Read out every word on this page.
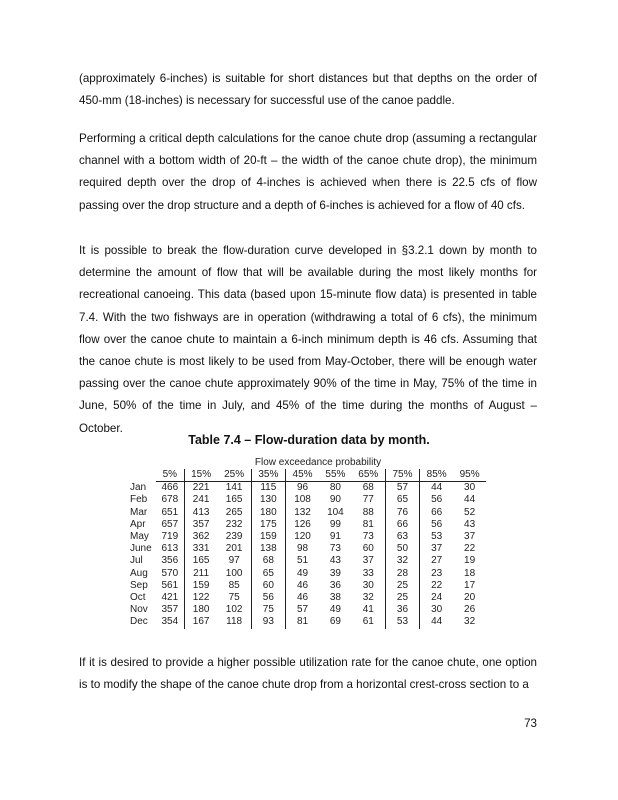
(approximately 6-inches) is suitable for short distances but that depths on the order of 450-mm (18-inches) is necessary for successful use of the canoe paddle.

Performing a critical depth calculations for the canoe chute drop (assuming a rectangular channel with a bottom width of 20-ft – the width of the canoe chute drop), the minimum required depth over the drop of 4-inches is achieved when there is 22.5 cfs of flow passing over the drop structure and a depth of 6-inches is achieved for a flow of 40 cfs.

It is possible to break the flow-duration curve developed in §3.2.1 down by month to determine the amount of flow that will be available during the most likely months for recreational canoeing. This data (based upon 15-minute flow data) is presented in table 7.4. With the two fishways are in operation (withdrawing a total of 6 cfs), the minimum flow over the canoe chute to maintain a 6-inch minimum depth is 46 cfs. Assuming that the canoe chute is most likely to be used from May-October, there will be enough water passing over the canoe chute approximately 90% of the time in May, 75% of the time in June, 50% of the time in July, and 45% of the time during the months of August – October.

Table 7.4 – Flow-duration data by month.

Flow exceedance probability
	5%	15%	25%	35%	45%	55%	65%	75%	85%	95%
Jan	466	221	141	115	96	80	68	57	44	30
Feb	678	241	165	130	108	90	77	65	56	44
Mar	651	413	265	180	132	104	88	76	66	52
Apr	657	357	232	175	126	99	81	66	56	43
May	719	362	239	159	120	91	73	63	53	37
June	613	331	201	138	98	73	60	50	37	22
Jul	356	165	97	68	51	43	37	32	27	19
Aug	570	211	100	65	49	39	33	28	23	18
Sep	561	159	85	60	46	36	30	25	22	17
Oct	421	122	75	56	46	38	32	25	24	20
Nov	357	180	102	75	57	49	41	36	30	26
Dec	354	167	118	93	81	69	61	53	44	32

If it is desired to provide a higher possible utilization rate for the canoe chute, one option is to modify the shape of the canoe chute drop from a horizontal crest-cross section to a

73
